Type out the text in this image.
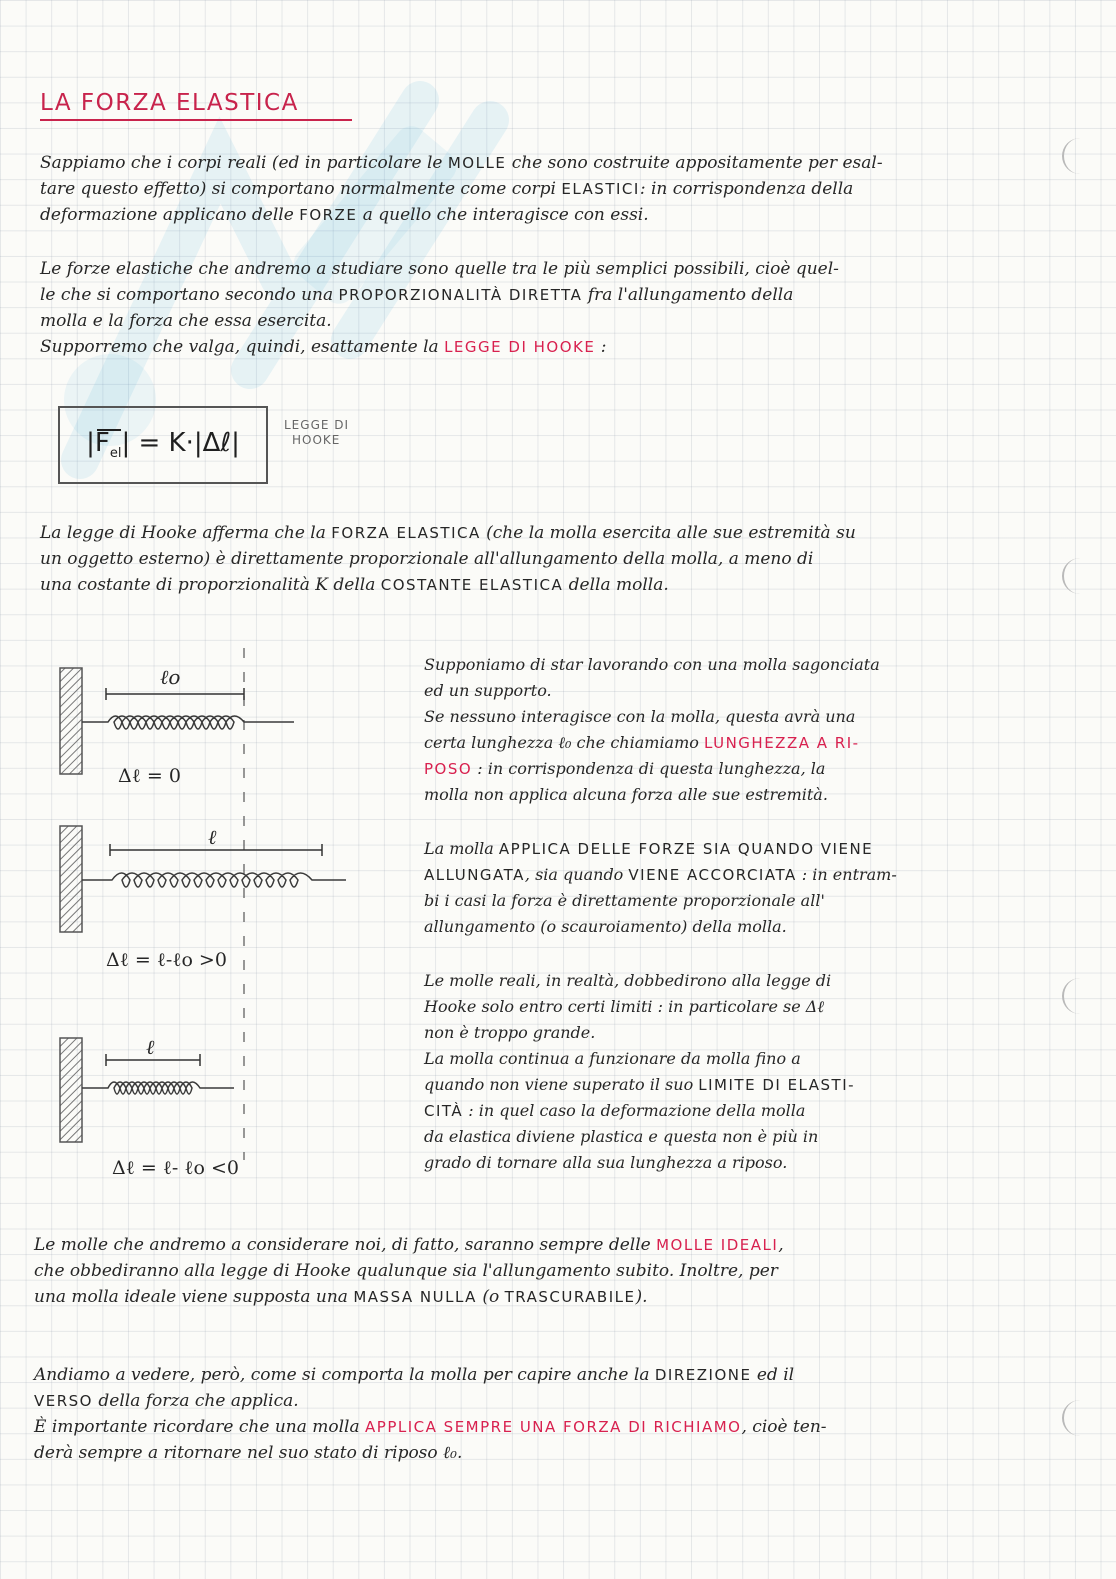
LA FORZA ELASTICA

Sappiamo che i corpi reali (ed in particolare le MOLLE che sono costruite appositamente per esal-
tare questo effetto) si comportano normalmente come corpi ELASTICI: in corrispondenza della
deformazione applicano delle FORZE a quello che interagisce con essi.

Le forze elastiche che andremo a studiare sono quelle tra le più semplici possibili, cioè quel-
le che si comportano secondo una PROPORZIONALITÀ DIRETTA fra l'allungamento della
molla e la forza che essa esercita.
Supporremo che valga, quindi, esattamente la LEGGE DI HOOKE :

$|F_{el}|$ = K·|Δℓ|
LEGGE DI
HOOKE

La legge di Hooke afferma che la FORZA ELASTICA (che la molla esercita alle sue estremità su
un oggetto esterno) è direttamente proporzionale all'allungamento della molla, a meno di
una costante di proporzionalità K della COSTANTE ELASTICA della molla.

ℓo
Δℓ = 0
ℓ
Δℓ = ℓ-ℓo >0
ℓ
Δℓ = ℓ- ℓo <0

Supponiamo di star lavorando con una molla sagonciata
ed un supporto.
Se nessuno interagisce con la molla, questa avrà una
certa lunghezza ℓ₀ che chiamiamo LUNGHEZZA A RI-
POSO : in corrispondenza di questa lunghezza, la
molla non applica alcuna forza alle sue estremità.

La molla APPLICA DELLE FORZE SIA QUANDO VIENE
ALLUNGATA, sia quando VIENE ACCORCIATA : in entram-
bi i casi la forza è direttamente proporzionale all'
allungamento (o scauroiamento) della molla.

Le molle reali, in realtà, dobbedirono alla legge di
Hooke solo entro certi limiti : in particolare se Δℓ
non è troppo grande.
La molla continua a funzionare da molla fino a
quando non viene superato il suo LIMITE DI ELASTI-
CITÀ : in quel caso la deformazione della molla
da elastica diviene plastica e questa non è più in
grado di tornare alla sua lunghezza a riposo.

Le molle che andremo a considerare noi, di fatto, saranno sempre delle MOLLE IDEALI,
che obbediranno alla legge di Hooke qualunque sia l'allungamento subito. Inoltre, per
una molla ideale viene supposta una MASSA NULLA (o TRASCURABILE).

Andiamo a vedere, però, come si comporta la molla per capire anche la DIREZIONE ed il
VERSO della forza che applica.
È importante ricordare che una molla APPLICA SEMPRE UNA FORZA DI RICHIAMO, cioè ten-
derà sempre a ritornare nel suo stato di riposo ℓ₀.
